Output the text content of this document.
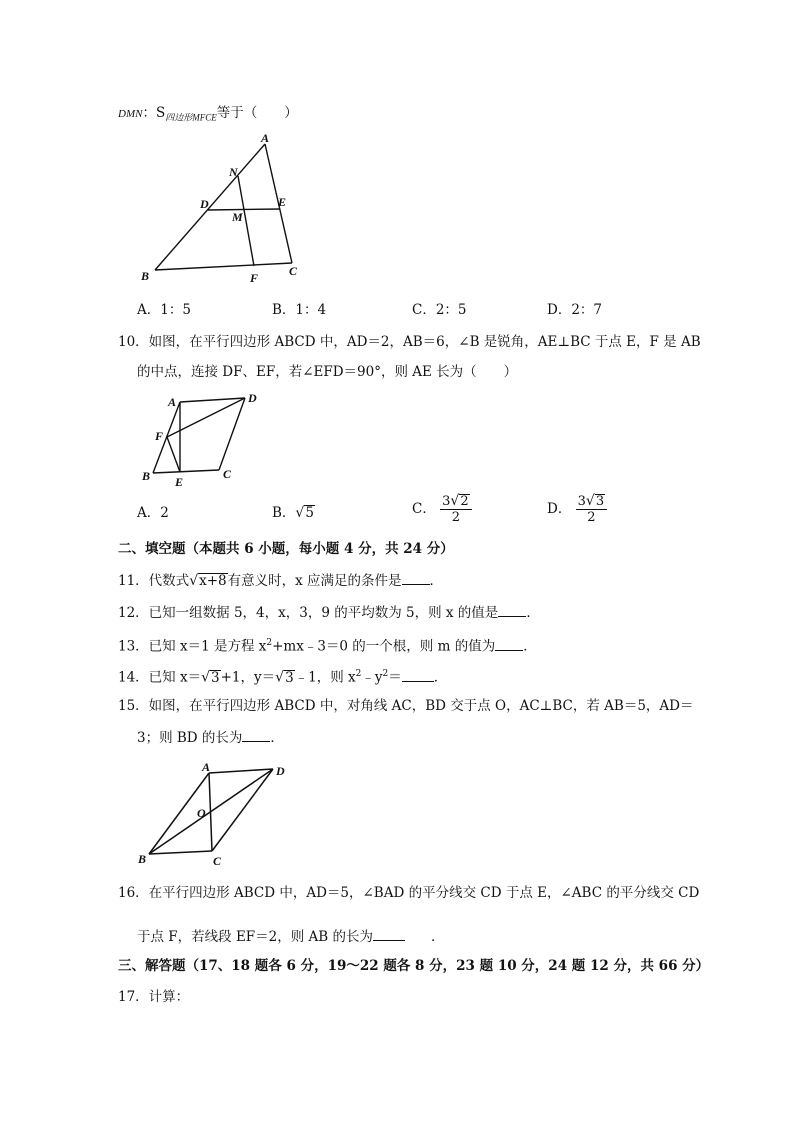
DMN：$S_{四边形MFCE}$等于（　　）
A
N
D	E
M
B	F	C
A．1：5	B．1：4	C．2：5	D．2：7
10．如图，在平行四边形 ABCD 中，AD＝2，AB＝6，∠B 是锐角，AE⊥BC 于点 E，F 是 AB
的中点，连接 DF、EF，若∠EFD＝90°，则 AE 长为（　　）
A	D
F
B E
C
A．2	B．√5	C． $\frac{3√2}{2}$	D． $\frac{3√3}{2}$
二、填空题（本题共 6 小题，每小题 4 分，共 24 分）
11．代数式√x+8有意义时，x 应满足的条件是 ．
12．已知一组数据 5，4，x，3，9 的平均数为 5，则 x 的值是 ．
13．已知 x＝1 是方程 $x^2+mx﹣3=0$ 的一个根，则 m 的值为 ．
14．已知 x＝√3+1，y＝√3﹣1，则 $x^2﹣y^2=$ ．
15．如图，在平行四边形 ABCD 中，对角线 AC，BD 交于点 O，AC⊥BC，若 AB＝5，AD＝
3；则 BD 的长为 ．
A	D
O
B	C
16．在平行四边形 ABCD 中，AD＝5，∠BAD 的平分线交 CD 于点 E，∠ABC 的平分线交 CD
于点 F，若线段 EF＝2，则 AB 的长为	．
三、解答题（17、18 题各 6 分，19～22 题各 8 分，23 题 10 分，24 题 12 分，共 66 分）
17．计算：
